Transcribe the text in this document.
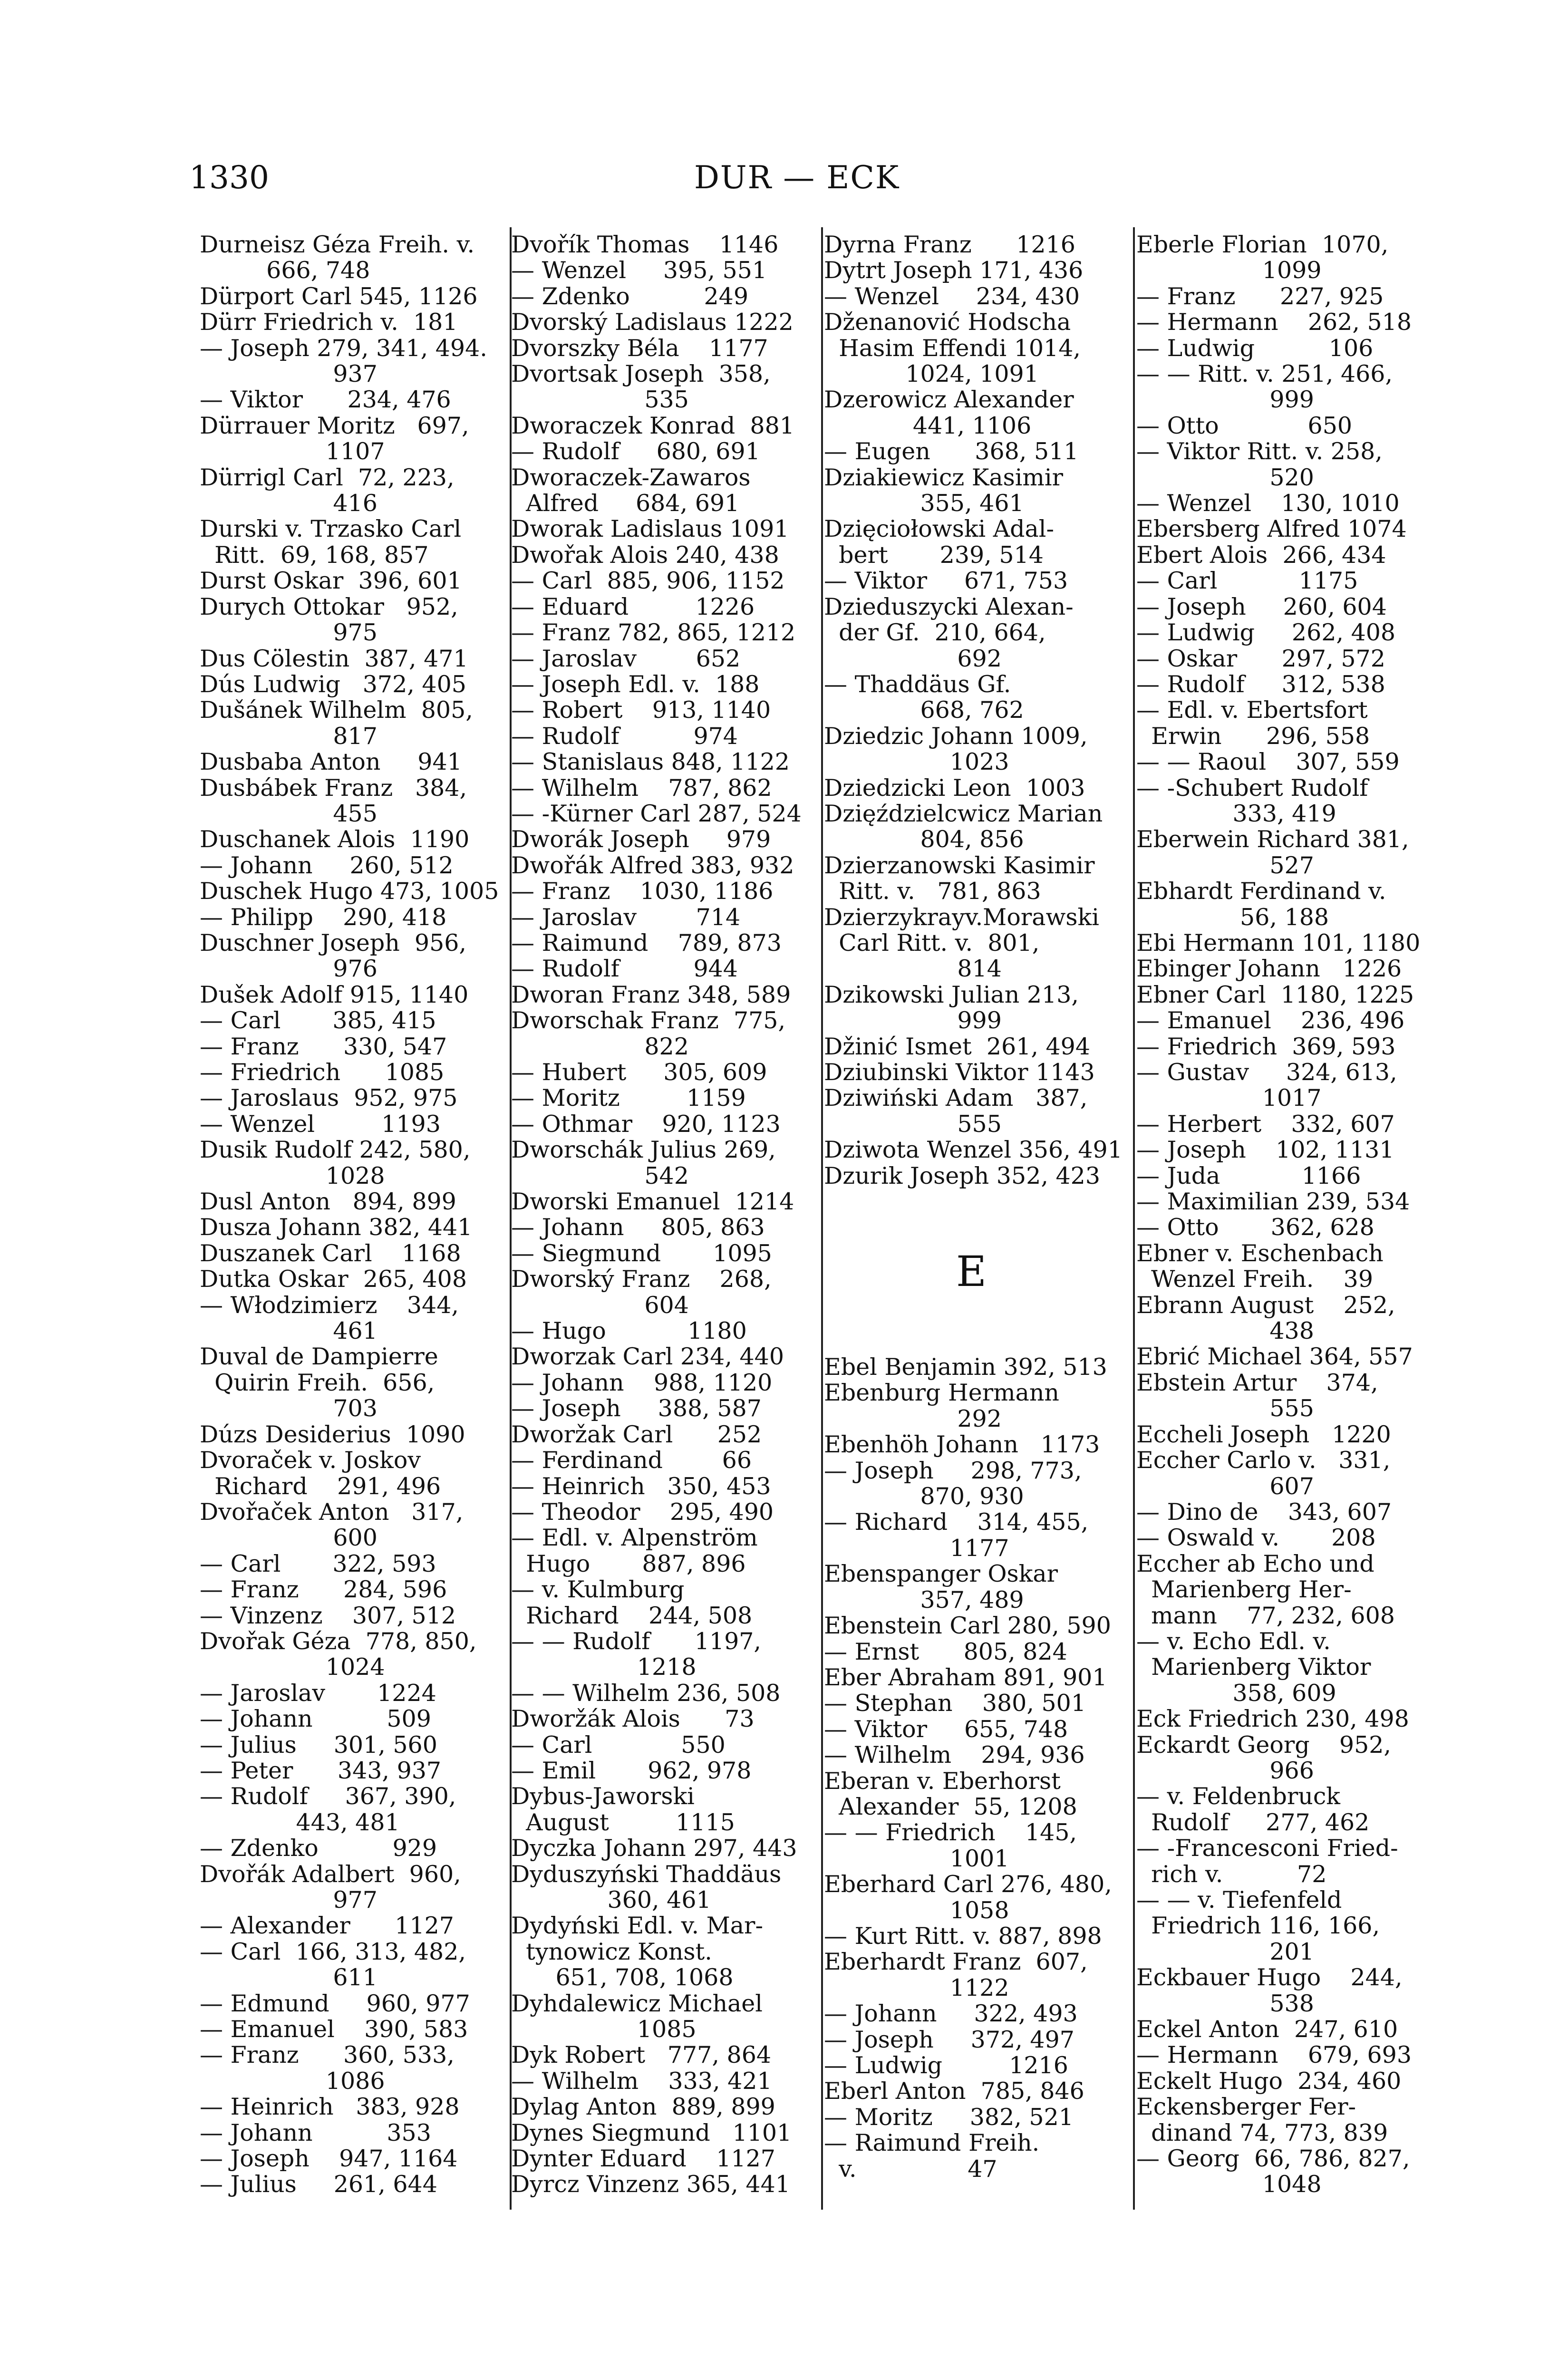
1330	DUR — ECK
Durneisz Géza Freih. v.
666, 748
Dürport Carl 545, 1126
Dürr Friedrich v.  181
— Joseph 279, 341, 494.
937
— Viktor      234, 476
Dürrauer Moritz   697,
1107
Dürrigl Carl  72, 223,
416
Durski v. Trzasko Carl
Ritt.  69, 168, 857
Durst Oskar  396, 601
Durych Ottokar   952,
975
Dus Cölestin  387, 471
Dús Ludwig   372, 405
Dušánek Wilhelm  805,
817
Dusbaba Anton     941
Dusbábek Franz   384,
455
Duschanek Alois  1190
— Johann     260, 512
Duschek Hugo 473, 1005
— Philipp    290, 418
Duschner Joseph  956,
976
Dušek Adolf 915, 1140
— Carl       385, 415
— Franz      330, 547
— Friedrich      1085
— Jaroslaus  952, 975
— Wenzel         1193
Dusik Rudolf 242, 580,
1028
Dusl Anton   894, 899
Dusza Johann 382, 441
Duszanek Carl    1168
Dutka Oskar  265, 408
— Włodzimierz    344,
461
Duval de Dampierre
Quirin Freih.  656,
703
Dúzs Desiderius  1090
Dvoraček v. Joskov
Richard    291, 496
Dvořaček Anton   317,
600
— Carl       322, 593
— Franz      284, 596
— Vinzenz    307, 512
Dvořak Géza  778, 850,
1024
— Jaroslav       1224
— Johann          509
— Julius     301, 560
— Peter      343, 937
— Rudolf     367, 390,
443, 481
— Zdenko          929
Dvořák Adalbert  960,
977
— Alexander      1127
— Carl  166, 313, 482,
611
— Edmund     960, 977
— Emanuel    390, 583
— Franz      360, 533,
1086
— Heinrich   383, 928
— Johann          353
— Joseph    947, 1164
— Julius     261, 644
Dvořík Thomas    1146
— Wenzel     395, 551
— Zdenko          249
Dvorský Ladislaus 1222
Dvorszky Béla    1177
Dvortsak Joseph  358,
535
Dworaczek Konrad  881
— Rudolf     680, 691
Dworaczek-Zawaros
Alfred     684, 691
Dworak Ladislaus 1091
Dwořak Alois 240, 438
— Carl  885, 906, 1152
— Eduard         1226
— Franz 782, 865, 1212
— Jaroslav        652
— Joseph Edl. v.  188
— Robert    913, 1140
— Rudolf          974
— Stanislaus 848, 1122
— Wilhelm    787, 862
— -Kürner Carl 287, 524
Dworák Joseph     979
Dwořák Alfred 383, 932
— Franz    1030, 1186
— Jaroslav        714
— Raimund    789, 873
— Rudolf          944
Dworan Franz 348, 589
Dworschak Franz  775,
822
— Hubert     305, 609
— Moritz         1159
— Othmar    920, 1123
Dworschák Julius 269,
542
Dworski Emanuel  1214
— Johann     805, 863
— Siegmund       1095
Dworský Franz    268,
604
— Hugo           1180
Dworzak Carl 234, 440
— Johann    988, 1120
— Joseph     388, 587
Dworžak Carl      252
— Ferdinand        66
— Heinrich   350, 453
— Theodor    295, 490
— Edl. v. Alpenström
Hugo       887, 896
— v. Kulmburg
Richard    244, 508
— — Rudolf      1197,
1218
— — Wilhelm 236, 508
Dworžák Alois      73
— Carl            550
— Emil       962, 978
Dybus-Jaworski
August         1115
Dyczka Johann 297, 443
Dyduszyński Thaddäus
360, 461
Dydyński Edl. v. Mar-
tynowicz Konst.
651, 708, 1068
Dyhdalewicz Michael
1085
Dyk Robert   777, 864
— Wilhelm    333, 421
Dylag Anton  889, 899
Dynes Siegmund   1101
Dynter Eduard    1127
Dyrcz Vinzenz 365, 441
Dyrna Franz      1216
Dytrt Joseph 171, 436
— Wenzel     234, 430
Dženanović Hodscha
Hasim Effendi 1014,
1024, 1091
Dzerowicz Alexander
441, 1106
— Eugen      368, 511
Dziakiewicz Kasimir
355, 461
Dzięciołowski Adal-
bert       239, 514
— Viktor     671, 753
Dzieduszycki Alexan-
der Gf.  210, 664,
692
— Thaddäus Gf.
668, 762
Dziedzic Johann 1009,
1023
Dziedzicki Leon  1003
Dzięździelcwicz Marian
804, 856
Dzierzanowski Kasimir
Ritt. v.   781, 863
Dzierzykrayv.Morawski
Carl Ritt. v.  801,
814
Dzikowski Julian 213,
999
Džinić Ismet  261, 494
Dziubinski Viktor 1143
Dziwiński Adam   387,
555
Dziwota Wenzel 356, 491
Dzurik Joseph 352, 423
E
Ebel Benjamin 392, 513
Ebenburg Hermann
292
Ebenhöh Johann   1173
— Joseph     298, 773,
870, 930
— Richard    314, 455,
1177
Ebenspanger Oskar
357, 489
Ebenstein Carl 280, 590
— Ernst      805, 824
Eber Abraham 891, 901
— Stephan    380, 501
— Viktor     655, 748
— Wilhelm    294, 936
Eberan v. Eberhorst
Alexander  55, 1208
— — Friedrich    145,
1001
Eberhard Carl 276, 480,
1058
— Kurt Ritt. v. 887, 898
Eberhardt Franz  607,
1122
— Johann     322, 493
— Joseph     372, 497
— Ludwig         1216
Eberl Anton  785, 846
— Moritz     382, 521
— Raimund Freih.
v.               47
Eberle Florian  1070,
1099
— Franz      227, 925
— Hermann    262, 518
— Ludwig          106
— — Ritt. v. 251, 466,
999
— Otto            650
— Viktor Ritt. v. 258,
520
— Wenzel    130, 1010
Ebersberg Alfred 1074
Ebert Alois  266, 434
— Carl           1175
— Joseph     260, 604
— Ludwig     262, 408
— Oskar      297, 572
— Rudolf     312, 538
— Edl. v. Ebertsfort
Erwin      296, 558
— — Raoul    307, 559
— -Schubert Rudolf
333, 419
Eberwein Richard 381,
527
Ebhardt Ferdinand v.
56, 188
Ebi Hermann 101, 1180
Ebinger Johann   1226
Ebner Carl  1180, 1225
— Emanuel    236, 496
— Friedrich  369, 593
— Gustav     324, 613,
1017
— Herbert    332, 607
— Joseph    102, 1131
— Juda           1166
— Maximilian 239, 534
— Otto       362, 628
Ebner v. Eschenbach
Wenzel Freih.    39
Ebrann August    252,
438
Ebrić Michael 364, 557
Ebstein Artur    374,
555
Eccheli Joseph   1220
Eccher Carlo v.   331,
607
— Dino de    343, 607
— Oswald v.       208
Eccher ab Echo und
Marienberg Her-
mann    77, 232, 608
— v. Echo Edl. v.
Marienberg Viktor
358, 609
Eck Friedrich 230, 498
Eckardt Georg    952,
966
— v. Feldenbruck
Rudolf     277, 462
— -Francesconi Fried-
rich v.          72
— — v. Tiefenfeld
Friedrich 116, 166,
201
Eckbauer Hugo    244,
538
Eckel Anton  247, 610
— Hermann    679, 693
Eckelt Hugo  234, 460
Eckensberger Fer-
dinand 74, 773, 839
— Georg  66, 786, 827,
1048
